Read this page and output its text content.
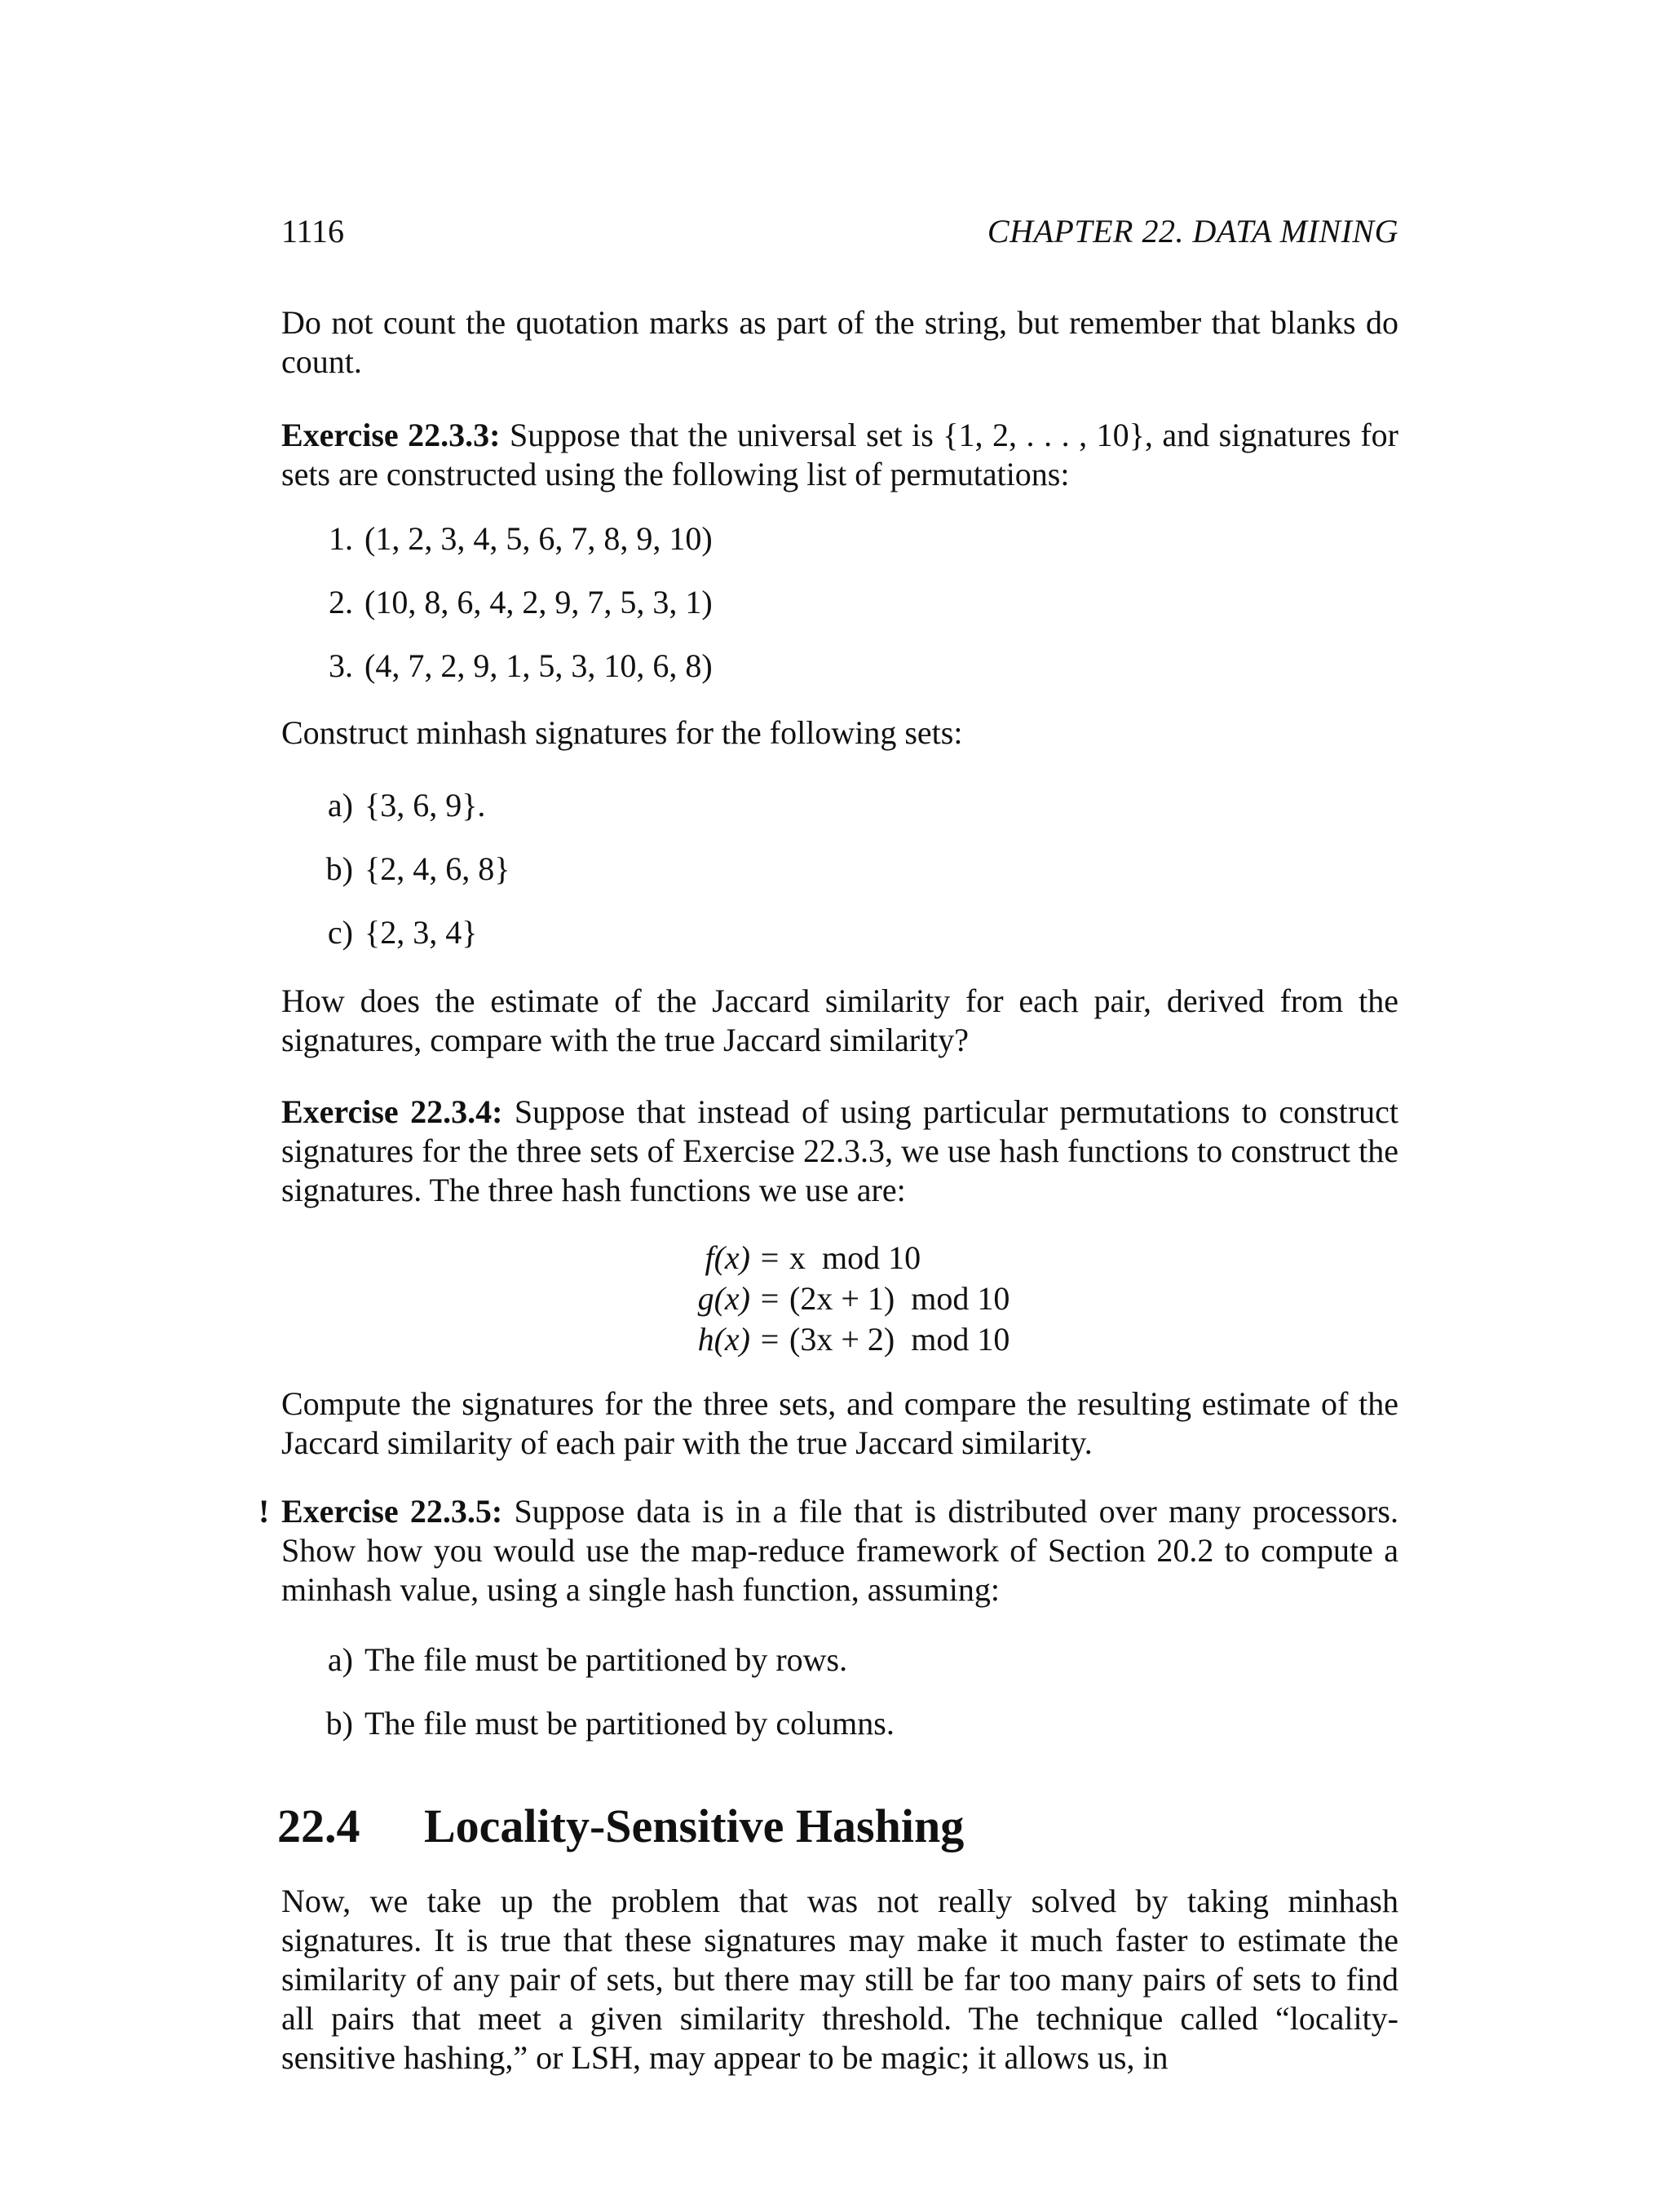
1116	CHAPTER 22. DATA MINING

Do not count the quotation marks as part of the string, but remember that blanks do count.

Exercise 22.3.3: Suppose that the universal set is {1, 2, . . . , 10}, and signatures for sets are constructed using the following list of permutations:

1. (1, 2, 3, 4, 5, 6, 7, 8, 9, 10)
2. (10, 8, 6, 4, 2, 9, 7, 5, 3, 1)
3. (4, 7, 2, 9, 1, 5, 3, 10, 6, 8)

Construct minhash signatures for the following sets:

a) {3, 6, 9}.
b) {2, 4, 6, 8}
c) {2, 3, 4}

How does the estimate of the Jaccard similarity for each pair, derived from the signatures, compare with the true Jaccard similarity?

Exercise 22.3.4: Suppose that instead of using particular permutations to construct signatures for the three sets of Exercise 22.3.3, we use hash functions to construct the signatures. The three hash functions we use are:

f(x) = x  mod 10
g(x) = (2x + 1)  mod 10
h(x) = (3x + 2)  mod 10

Compute the signatures for the three sets, and compare the resulting estimate of the Jaccard similarity of each pair with the true Jaccard similarity.

! Exercise 22.3.5: Suppose data is in a file that is distributed over many processors. Show how you would use the map-reduce framework of Section 20.2 to compute a minhash value, using a single hash function, assuming:

a) The file must be partitioned by rows.
b) The file must be partitioned by columns.
22.4 Locality-Sensitive Hashing

Now, we take up the problem that was not really solved by taking minhash signatures. It is true that these signatures may make it much faster to estimate the similarity of any pair of sets, but there may still be far too many pairs of sets to find all pairs that meet a given similarity threshold. The technique called “locality-sensitive hashing,” or LSH, may appear to be magic; it allows us, in
